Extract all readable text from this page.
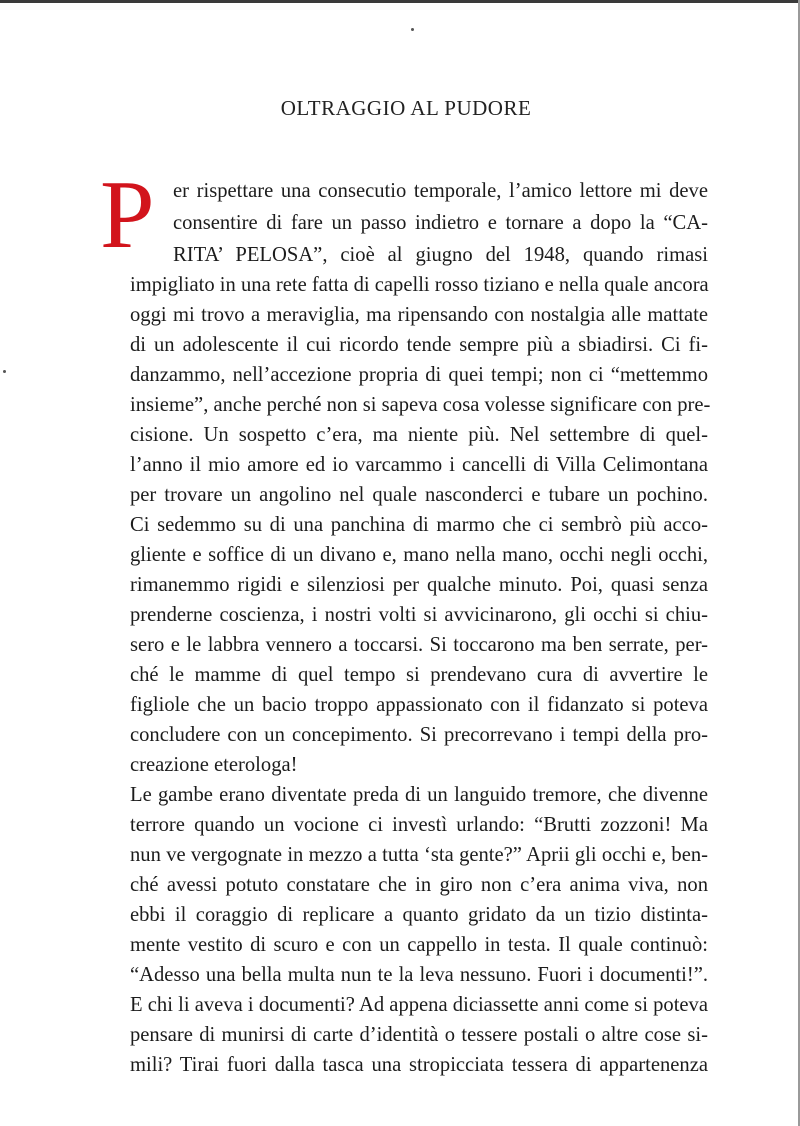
OLTRAGGIO AL PUDORE
P er rispettare una consecutio temporale, l’amico lettore mi deve
consentire di fare un passo indietro e tornare a dopo la “CA-
RITA’ PELOSA”, cioè al giugno del 1948, quando rimasi
impigliato in una rete fatta di capelli rosso tiziano e nella quale ancora
oggi mi trovo a meraviglia, ma ripensando con nostalgia alle mattate
di un adolescente il cui ricordo tende sempre più a sbiadirsi. Ci fi-
danzammo, nell’accezione propria di quei tempi; non ci “mettemmo
insieme”, anche perché non si sapeva cosa volesse significare con pre-
cisione. Un sospetto c’era, ma niente più. Nel settembre di quel-
l’anno il mio amore ed io varcammo i cancelli di Villa Celimontana
per trovare un angolino nel quale nasconderci e tubare un pochino.
Ci sedemmo su di una panchina di marmo che ci sembrò più acco-
gliente e soffice di un divano e, mano nella mano, occhi negli occhi,
rimanemmo rigidi e silenziosi per qualche minuto. Poi, quasi senza
prenderne coscienza, i nostri volti si avvicinarono, gli occhi si chiu-
sero e le labbra vennero a toccarsi. Si toccarono ma ben serrate, per-
ché le mamme di quel tempo si prendevano cura di avvertire le
figliole che un bacio troppo appassionato con il fidanzato si poteva
concludere con un concepimento. Si precorrevano i tempi della pro-
creazione eterologa!
Le gambe erano diventate preda di un languido tremore, che divenne
terrore quando un vocione ci investì urlando: “Brutti zozzoni! Ma
nun ve vergognate in mezzo a tutta ‘sta gente?” Aprii gli occhi e, ben-
ché avessi potuto constatare che in giro non c’era anima viva, non
ebbi il coraggio di replicare a quanto gridato da un tizio distinta-
mente vestito di scuro e con un cappello in testa. Il quale continuò:
“Adesso una bella multa nun te la leva nessuno. Fuori i documenti!”.
E chi li aveva i documenti? Ad appena diciassette anni come si poteva
pensare di munirsi di carte d’identità o tessere postali o altre cose si-
mili? Tirai fuori dalla tasca una stropicciata tessera di appartenenza
